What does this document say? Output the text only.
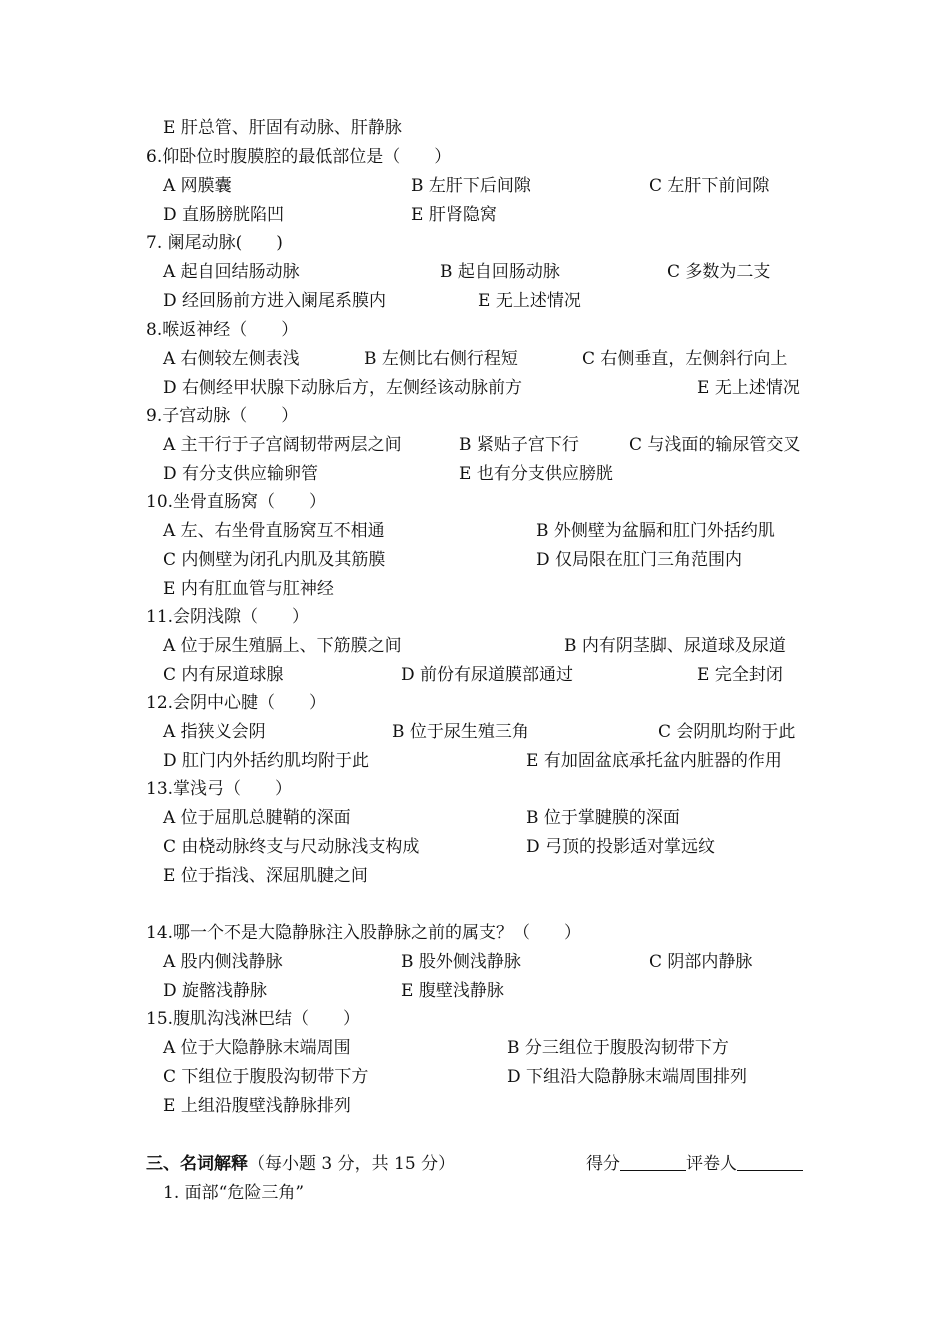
E 肝总管、肝固有动脉、肝静脉
6.仰卧位时腹膜腔的最低部位是（　　）
A 网膜囊	B 左肝下后间隙	C 左肝下前间隙
D 直肠膀胱陷凹	E 肝肾隐窝
7. 阑尾动脉(　　)
A 起自回结肠动脉	B 起自回肠动脉	C 多数为二支
D 经回肠前方进入阑尾系膜内	E 无上述情况
8.喉返神经（　　）
A 右侧较左侧表浅	B 左侧比右侧行程短	C 右侧垂直，左侧斜行向上
D 右侧经甲状腺下动脉后方，左侧经该动脉前方	E 无上述情况
9.子宫动脉（　　）
A 主干行于子宫阔韧带两层之间	B 紧贴子宫下行	C 与浅面的输尿管交叉
D 有分支供应输卵管	E 也有分支供应膀胱
10.坐骨直肠窝（　　）
A 左、右坐骨直肠窝互不相通	B 外侧壁为盆膈和肛门外括约肌
C 内侧壁为闭孔内肌及其筋膜	D 仅局限在肛门三角范围内
E 内有肛血管与肛神经
11.会阴浅隙（　　）
A 位于尿生殖膈上、下筋膜之间	B 内有阴茎脚、尿道球及尿道
C 内有尿道球腺	D 前份有尿道膜部通过	E 完全封闭
12.会阴中心腱（　　）
A 指狭义会阴	B 位于尿生殖三角	C 会阴肌均附于此
D 肛门内外括约肌均附于此	E 有加固盆底承托盆内脏器的作用
13.掌浅弓（　　）
A 位于屈肌总腱鞘的深面	B 位于掌腱膜的深面
C 由桡动脉终支与尺动脉浅支构成	D 弓顶的投影适对掌远纹
E 位于指浅、深屈肌腱之间
14.哪一个不是大隐静脉注入股静脉之前的属支？（　　）
A 股内侧浅静脉	B 股外侧浅静脉	C 阴部内静脉
D 旋髂浅静脉	E 腹壁浅静脉
15.腹肌沟浅淋巴结（　　）
A 位于大隐静脉末端周围	B 分三组位于腹股沟韧带下方
C 下组位于腹股沟韧带下方	D 下组沿大隐静脉末端周围排列
E 上组沿腹壁浅静脉排列
三、名词解释（每小题 3 分，共 15 分）	得分	评卷人
1. 面部“危险三角”
